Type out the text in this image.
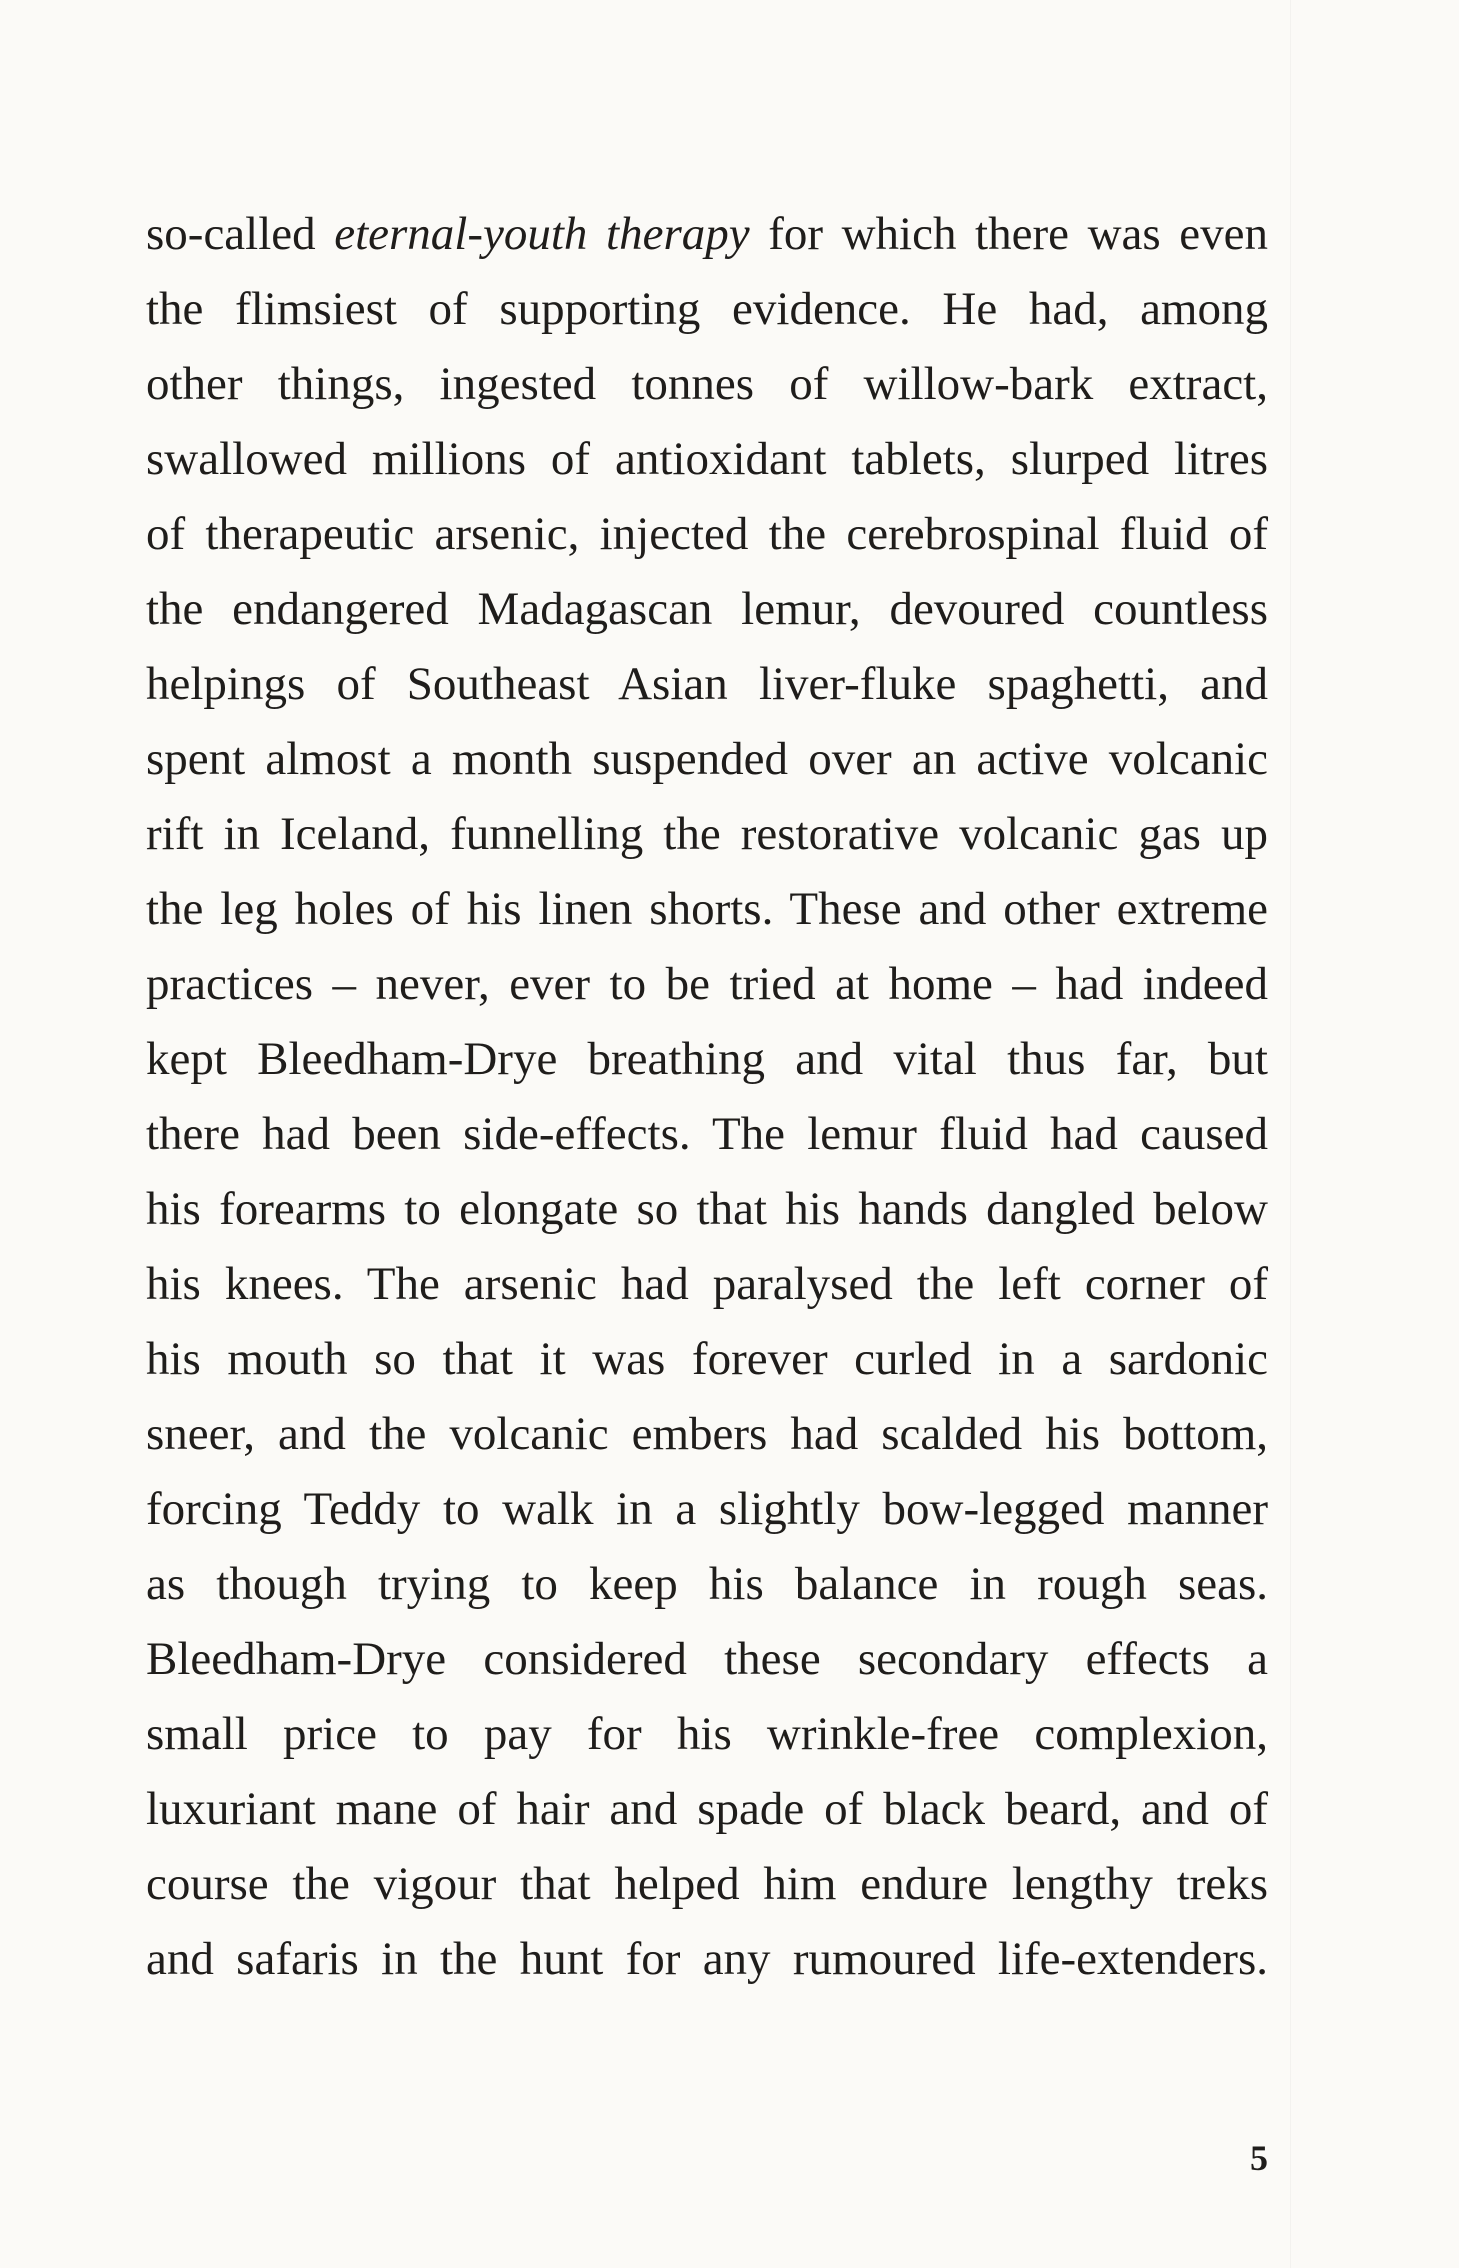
so-called eternal-youth therapy for which there was even
the flimsiest of supporting evidence. He had, among
other things, ingested tonnes of willow-bark extract,
swallowed millions of antioxidant tablets, slurped litres
of therapeutic arsenic, injected the cerebrospinal fluid of
the endangered Madagascan lemur, devoured countless
helpings of Southeast Asian liver-fluke spaghetti, and
spent almost a month suspended over an active volcanic
rift in Iceland, funnelling the restorative volcanic gas up
the leg holes of his linen shorts. These and other extreme
practices – never, ever to be tried at home – had indeed
kept Bleedham-Drye breathing and vital thus far, but
there had been side-effects. The lemur fluid had caused
his forearms to elongate so that his hands dangled below
his knees. The arsenic had paralysed the left corner of
his mouth so that it was forever curled in a sardonic
sneer, and the volcanic embers had scalded his bottom,
forcing Teddy to walk in a slightly bow-legged manner
as though trying to keep his balance in rough seas.
Bleedham-Drye considered these secondary effects a
small price to pay for his wrinkle-free complexion,
luxuriant mane of hair and spade of black beard, and of
course the vigour that helped him endure lengthy treks
and safaris in the hunt for any rumoured life-extenders.
5
